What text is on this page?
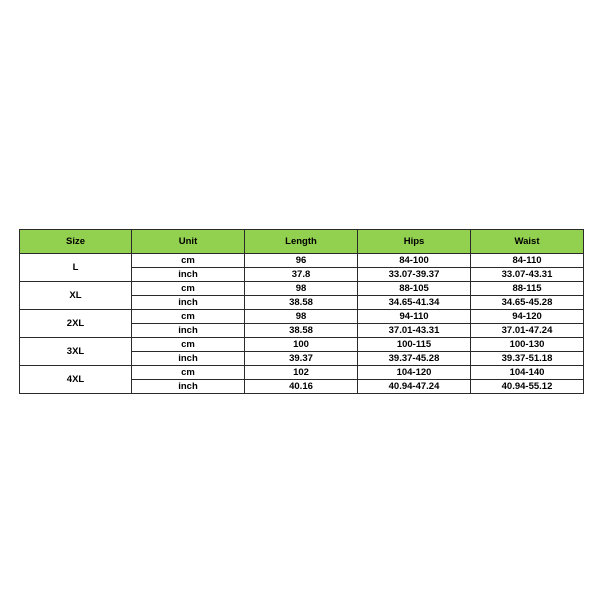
Size	Unit	Length	Hips	Waist
L	cm	96	84-100	84-110
	inch	37.8	33.07-39.37	33.07-43.31
XL	cm	98	88-105	88-115
	inch	38.58	34.65-41.34	34.65-45.28
2XL	cm	98	94-110	94-120
	inch	38.58	37.01-43.31	37.01-47.24
3XL	cm	100	100-115	100-130
	inch	39.37	39.37-45.28	39.37-51.18
4XL	cm	102	104-120	104-140
	inch	40.16	40.94-47.24	40.94-55.12
